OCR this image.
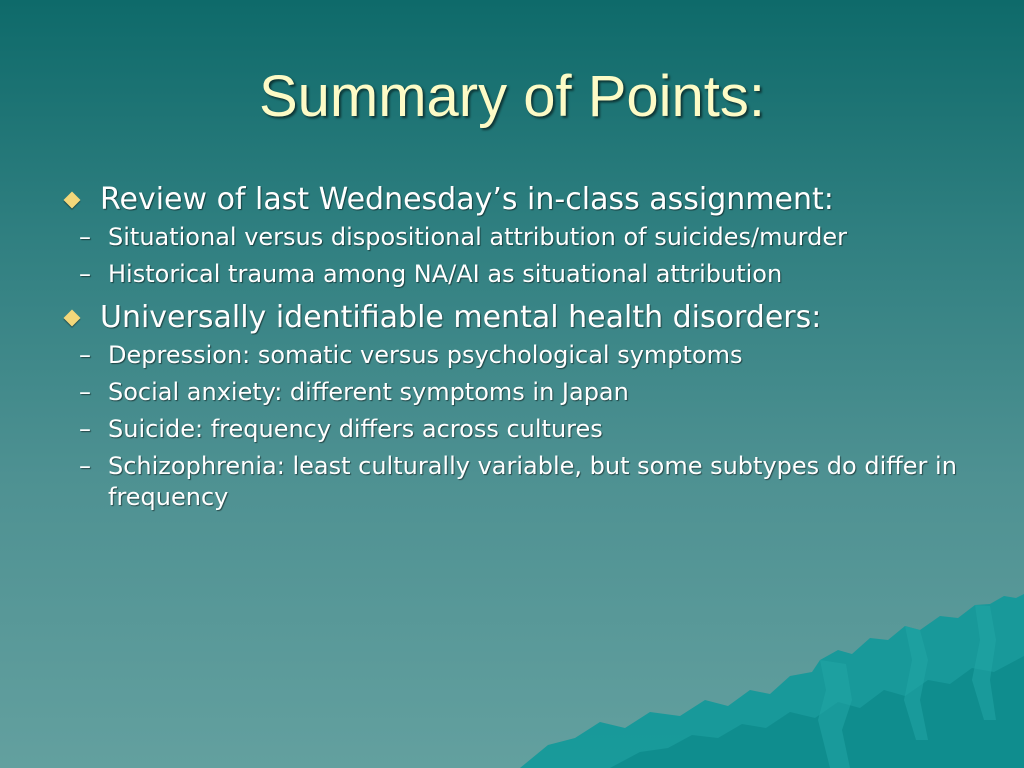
Summary of Points:
Review of last Wednesday’s in-class assignment:
– Situational versus dispositional attribution of suicides/murder
– Historical trauma among NA/AI as situational attribution
Universally identifiable mental health disorders:
– Depression: somatic versus psychological symptoms
– Social anxiety: different symptoms in Japan
– Suicide: frequency differs across cultures
– Schizophrenia: least culturally variable, but some subtypes do differ in frequency
